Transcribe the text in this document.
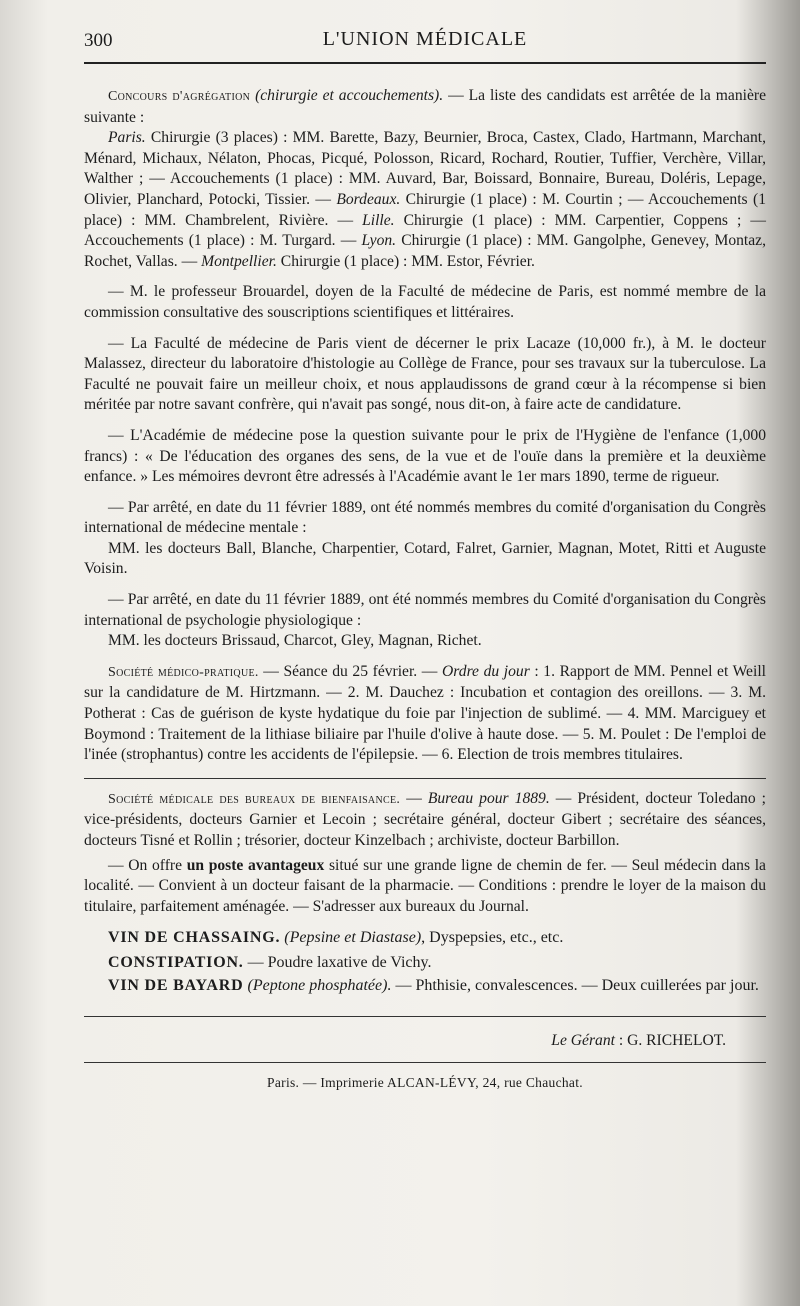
300	L'UNION MÉDICALE

Concours d'agrégation (chirurgie et accouchements). — La liste des candidats est arrêtée de la manière suivante :

Paris. Chirurgie (3 places) : MM. Barette, Bazy, Beurnier, Broca, Castex, Clado, Hartmann, Marchant, Ménard, Michaux, Nélaton, Phocas, Picqué, Polosson, Ricard, Rochard, Routier, Tuffier, Verchère, Villar, Walther ; — Accouchements (1 place) : MM. Auvard, Bar, Boissard, Bonnaire, Bureau, Doléris, Lepage, Olivier, Planchard, Potocki, Tissier. — Bordeaux. Chirurgie (1 place) : M. Courtin ; — Accouchements (1 place) : MM. Chambrelent, Rivière. — Lille. Chirurgie (1 place) : MM. Carpentier, Coppens ; — Accouchements (1 place) : M. Turgard. — Lyon. Chirurgie (1 place) : MM. Gangolphe, Genevey, Montaz, Rochet, Vallas. — Montpellier. Chirurgie (1 place) : MM. Estor, Février.

— M. le professeur Brouardel, doyen de la Faculté de médecine de Paris, est nommé membre de la commission consultative des souscriptions scientifiques et littéraires.

— La Faculté de médecine de Paris vient de décerner le prix Lacaze (10,000 fr.), à M. le docteur Malassez, directeur du laboratoire d'histologie au Collège de France, pour ses travaux sur la tuberculose. La Faculté ne pouvait faire un meilleur choix, et nous applaudissons de grand cœur à la récompense si bien méritée par notre savant confrère, qui n'avait pas songé, nous dit-on, à faire acte de candidature.

— L'Académie de médecine pose la question suivante pour le prix de l'Hygiène de l'enfance (1,000 francs) : « De l'éducation des organes des sens, de la vue et de l'ouïe dans la première et la deuxième enfance. » Les mémoires devront être adressés à l'Académie avant le 1er mars 1890, terme de rigueur.

— Par arrêté, en date du 11 février 1889, ont été nommés membres du comité d'organisation du Congrès international de médecine mentale :

MM. les docteurs Ball, Blanche, Charpentier, Cotard, Falret, Garnier, Magnan, Motet, Ritti et Auguste Voisin.

— Par arrêté, en date du 11 février 1889, ont été nommés membres du Comité d'organisation du Congrès international de psychologie physiologique :

MM. les docteurs Brissaud, Charcot, Gley, Magnan, Richet.

Société médico-pratique. — Séance du 25 février. — Ordre du jour : 1. Rapport de MM. Pennel et Weill sur la candidature de M. Hirtzmann. — 2. M. Dauchez : Incubation et contagion des oreillons. — 3. M. Potherat : Cas de guérison de kyste hydatique du foie par l'injection de sublimé. — 4. MM. Marciguey et Boymond : Traitement de la lithiase biliaire par l'huile d'olive à haute dose. — 5. M. Poulet : De l'emploi de l'inée (strophantus) contre les accidents de l'épilepsie. — 6. Election de trois membres titulaires.

Société médicale des bureaux de bienfaisance. — Bureau pour 1889. — Président, docteur Toledano ; vice-présidents, docteurs Garnier et Lecoin ; secrétaire général, docteur Gibert ; secrétaire des séances, docteurs Tisné et Rollin ; trésorier, docteur Kinzelbach ; archiviste, docteur Barbillon.

— On offre un poste avantageux situé sur une grande ligne de chemin de fer. — Seul médecin dans la localité. — Convient à un docteur faisant de la pharmacie. — Conditions : prendre le loyer de la maison du titulaire, parfaitement aménagée. — S'adresser aux bureaux du Journal.

VIN DE CHASSAING. (Pepsine et Diastase), Dyspepsies, etc., etc.

CONSTIPATION. — Poudre laxative de Vichy.

VIN DE BAYARD (Peptone phosphatée). — Phthisie, convalescences. — Deux cuillerées par jour.

Le Gérant : G. RICHELOT.
Paris. — Imprimerie ALCAN-LÉVY, 24, rue Chauchat.
